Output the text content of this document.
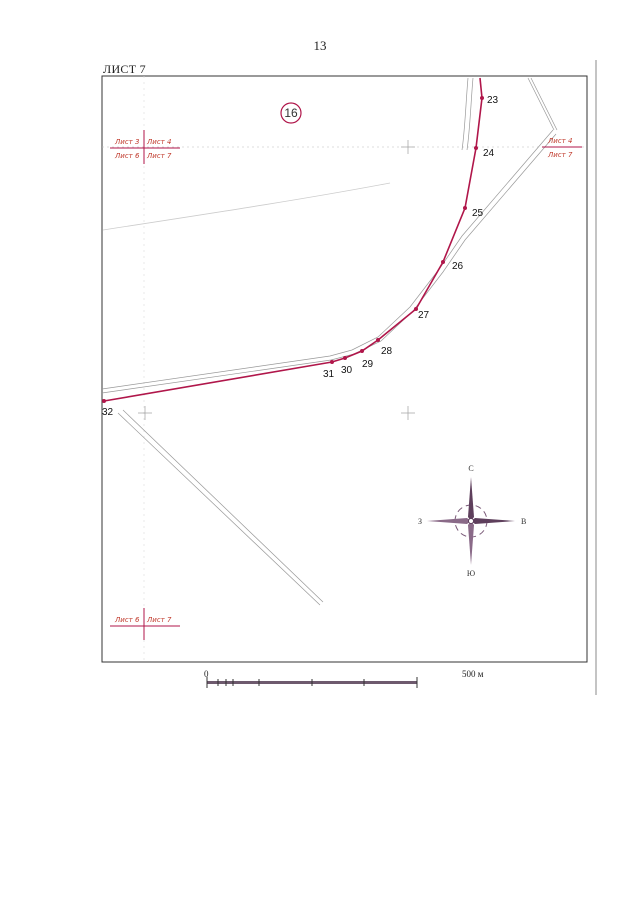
13
ЛИСТ 7
23
24
25
26
27
28
29
30
31
32
16
Лист 3 Лист 4
Лист 6 Лист 7
Лист 4
Лист 7
Лист 6 Лист 7
С
В
Ю
З
0	500 м
